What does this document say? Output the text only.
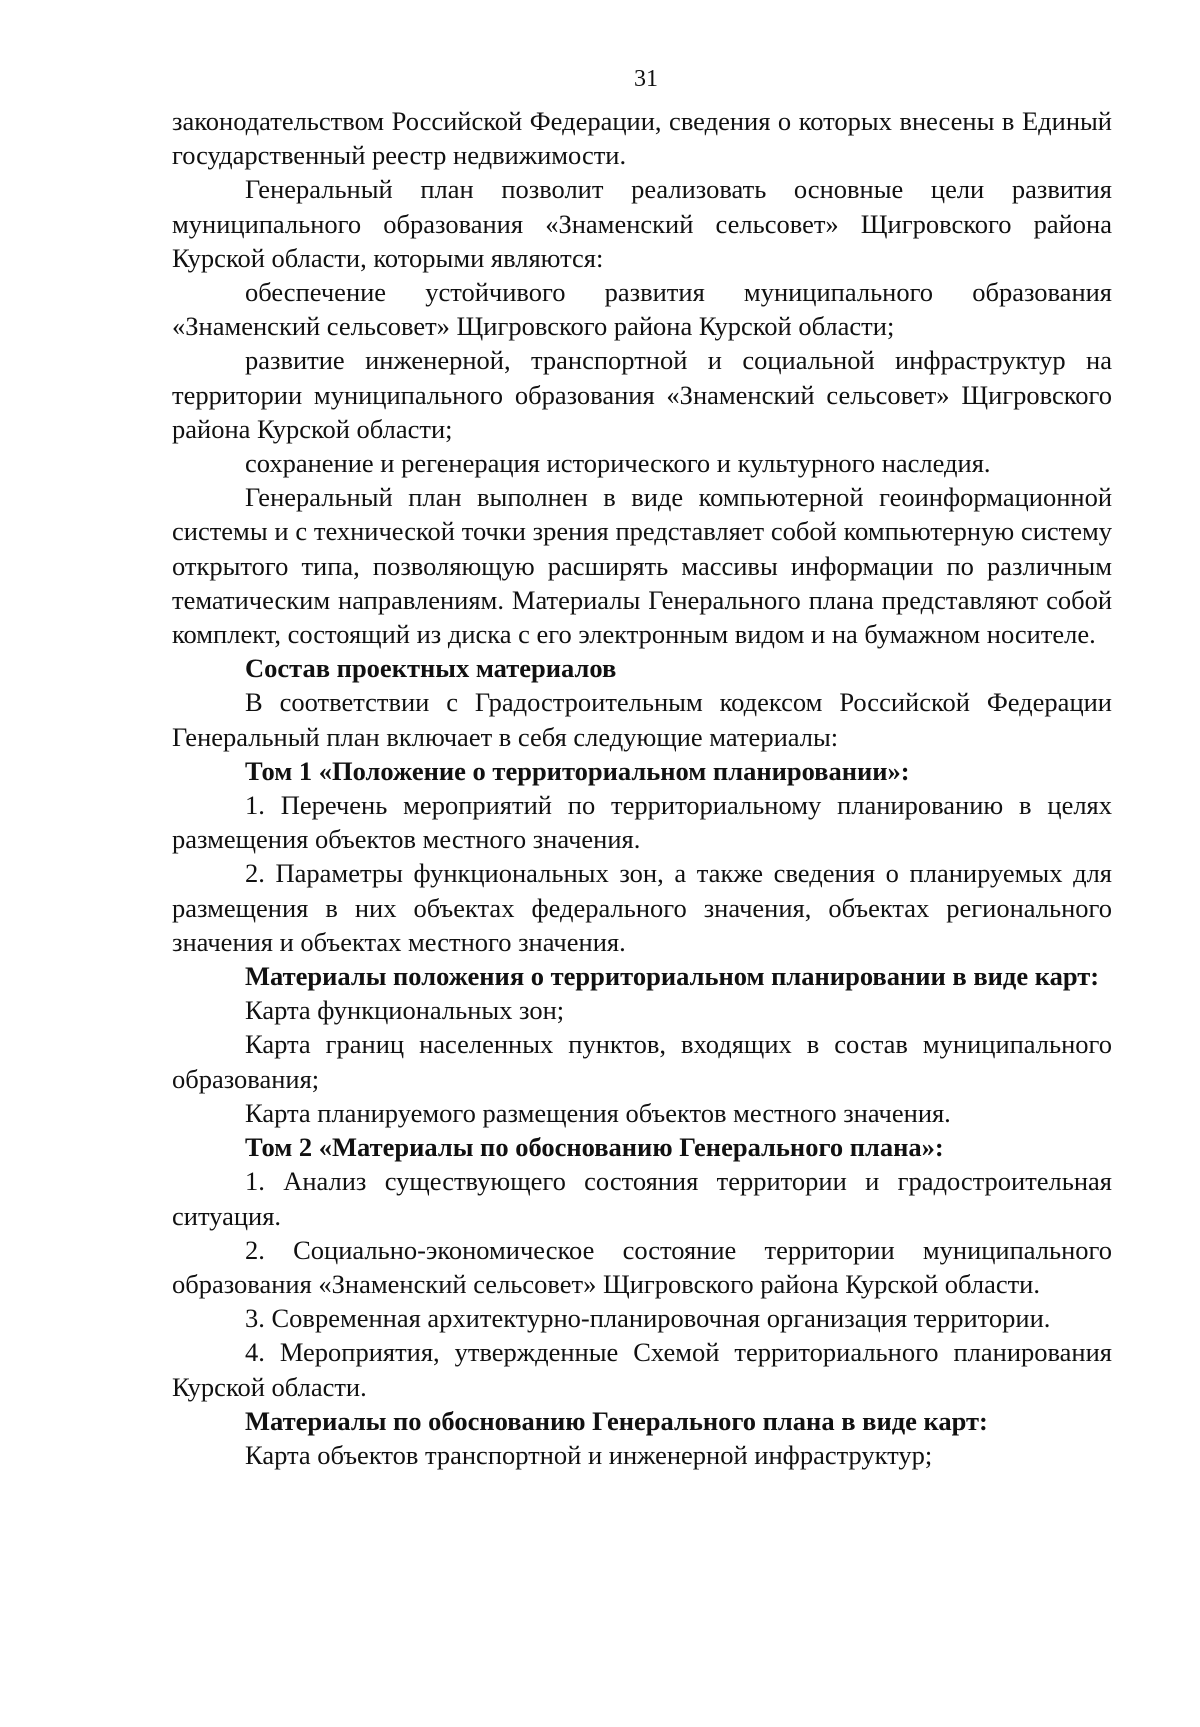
31

законодательством Российской Федерации, сведения о которых внесены в Единый государственный реестр недвижимости.

Генеральный план позволит реализовать основные цели развития муниципального образования «Знаменский сельсовет» Щигровского района Курской области, которыми являются:

обеспечение устойчивого развития муниципального образования «Знаменский сельсовет» Щигровского района Курской области;

развитие инженерной, транспортной и социальной инфраструктур на территории муниципального образования «Знаменский сельсовет» Щигровского района Курской области;

сохранение и регенерация исторического и культурного наследия.

Генеральный план выполнен в виде компьютерной геоинформационной системы и с технической точки зрения представляет собой компьютерную систему открытого типа, позволяющую расширять массивы информации по различным тематическим направлениям. Материалы Генерального плана представляют собой комплект, состоящий из диска с его электронным видом и на бумажном носителе.

Состав проектных материалов

В соответствии с Градостроительным кодексом Российской Федерации Генеральный план включает в себя следующие материалы:

Том 1 «Положение о территориальном планировании»:

1. Перечень мероприятий по территориальному планированию в целях размещения объектов местного значения.

2. Параметры функциональных зон, а также сведения о планируемых для размещения в них объектах федерального значения, объектах регионального значения и объектах местного значения.

Материалы положения о территориальном планировании в виде карт:

Карта функциональных зон;

Карта границ населенных пунктов, входящих в состав муниципального образования;

Карта планируемого размещения объектов местного значения.

Том 2 «Материалы по обоснованию Генерального плана»:

1. Анализ существующего состояния территории и градостроительная ситуация.

2. Социально-экономическое состояние территории муниципального образования «Знаменский сельсовет» Щигровского района Курской области.

3. Современная архитектурно-планировочная организация территории.

4. Мероприятия, утвержденные Схемой территориального планирования Курской области.

Материалы по обоснованию Генерального плана в виде карт:

Карта объектов транспортной и инженерной инфраструктур;
